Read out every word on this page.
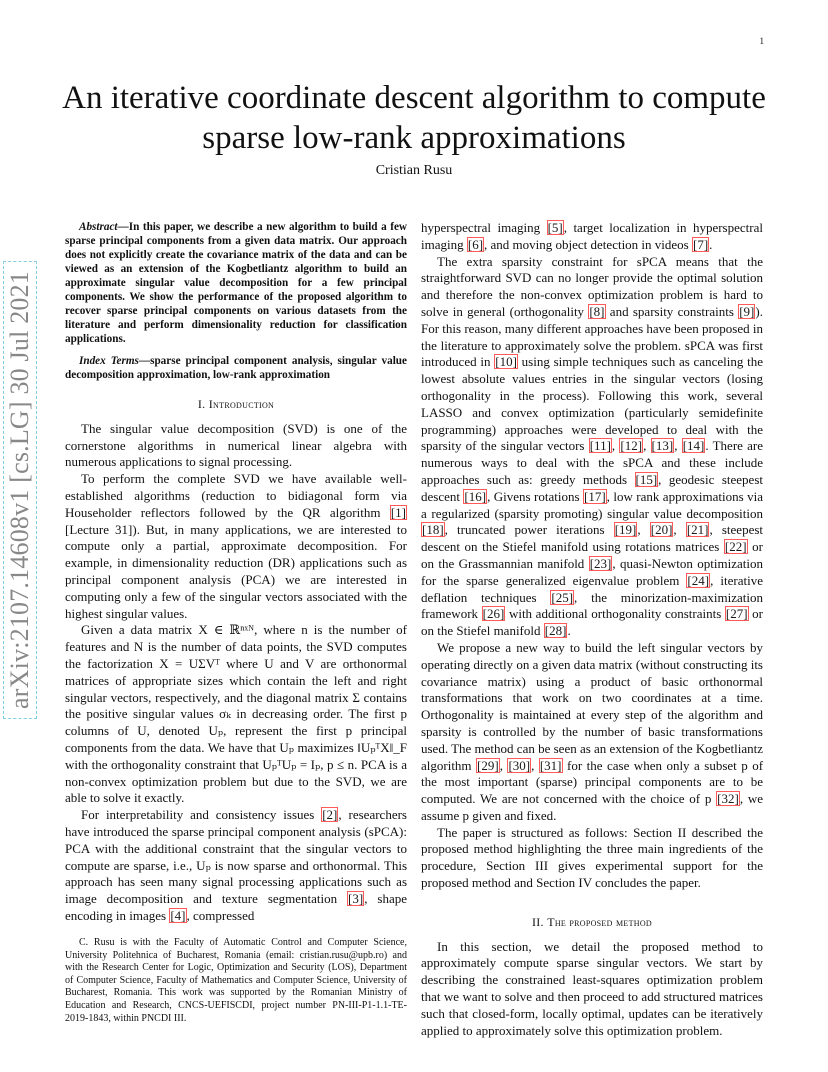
1
arXiv:2107.14608v1 [cs.LG] 30 Jul 2021
An iterative coordinate descent algorithm to compute sparse low-rank approximations
Cristian Rusu

Abstract—In this paper, we describe a new algorithm to build a few sparse principal components from a given data matrix. Our approach does not explicitly create the covariance matrix of the data and can be viewed as an extension of the Kogbetliantz algorithm to build an approximate singular value decomposition for a few principal components. We show the performance of the proposed algorithm to recover sparse principal components on various datasets from the literature and perform dimensionality reduction for classification applications.

Index Terms—sparse principal component analysis, singular value decomposition approximation, low-rank approximation

I. Introduction

The singular value decomposition (SVD) is one of the cornerstone algorithms in numerical linear algebra with numerous applications to signal processing.

To perform the complete SVD we have available well-established algorithms (reduction to bidiagonal form via Householder reflectors followed by the QR algorithm [1][Lecture 31]). But, in many applications, we are interested to compute only a partial, approximate decomposition. For example, in dimensionality reduction (DR) applications such as principal component analysis (PCA) we are interested in computing only a few of the singular vectors associated with the highest singular values.

Given a data matrix X ∈ ℝⁿˣᴺ, where n is the number of features and N is the number of data points, the SVD computes the factorization X = UΣVᵀ where U and V are orthonormal matrices of appropriate sizes which contain the left and right singular vectors, respectively, and the diagonal matrix Σ contains the positive singular values σₖ in decreasing order. The first p columns of U, denoted Uₚ, represent the first p principal components from the data. We have that Uₚ maximizes ‖UₚᵀX‖_F with the orthogonality constraint that UₚᵀUₚ = Iₚ, p ≤ n. PCA is a non-convex optimization problem but due to the SVD, we are able to solve it exactly.

For interpretability and consistency issues [2], researchers have introduced the sparse principal component analysis (sPCA): PCA with the additional constraint that the singular vectors to compute are sparse, i.e., Uₚ is now sparse and orthonormal. This approach has seen many signal processing applications such as image decomposition and texture segmentation [3], shape encoding in images [4], compressed

C. Rusu is with the Faculty of Automatic Control and Computer Science, University Politehnica of Bucharest, Romania (email: cristian.rusu@upb.ro) and with the Research Center for Logic, Optimization and Security (LOS), Department of Computer Science, Faculty of Mathematics and Computer Science, University of Bucharest, Romania. This work was supported by the Romanian Ministry of Education and Research, CNCS-UEFISCDI, project number PN-III-P1-1.1-TE-2019-1843, within PNCDI III.

hyperspectral imaging [5], target localization in hyperspectral imaging [6], and moving object detection in videos [7].

The extra sparsity constraint for sPCA means that the straightforward SVD can no longer provide the optimal solution and therefore the non-convex optimization problem is hard to solve in general (orthogonality [8] and sparsity constraints [9]). For this reason, many different approaches have been proposed in the literature to approximately solve the problem. sPCA was first introduced in [10] using simple techniques such as canceling the lowest absolute values entries in the singular vectors (losing orthogonality in the process). Following this work, several LASSO and convex optimization (particularly semidefinite programming) approaches were developed to deal with the sparsity of the singular vectors [11], [12], [13], [14]. There are numerous ways to deal with the sPCA and these include approaches such as: greedy methods [15], geodesic steepest descent [16], Givens rotations [17], low rank approximations via a regularized (sparsity promoting) singular value decomposition [18], truncated power iterations [19], [20], [21], steepest descent on the Stiefel manifold using rotations matrices [22] or on the Grassmannian manifold [23], quasi-Newton optimization for the sparse generalized eigenvalue problem [24], iterative deflation techniques [25], the minorization-maximization framework [26] with additional orthogonality constraints [27] or on the Stiefel manifold [28].

We propose a new way to build the left singular vectors by operating directly on a given data matrix (without constructing its covariance matrix) using a product of basic orthonormal transformations that work on two coordinates at a time. Orthogonality is maintained at every step of the algorithm and sparsity is controlled by the number of basic transformations used. The method can be seen as an extension of the Kogbetliantz algorithm [29], [30], [31] for the case when only a subset p of the most important (sparse) principal components are to be computed. We are not concerned with the choice of p [32], we assume p given and fixed.

The paper is structured as follows: Section II described the proposed method highlighting the three main ingredients of the procedure, Section III gives experimental support for the proposed method and Section IV concludes the paper.

II. The proposed method

In this section, we detail the proposed method to approximately compute sparse singular vectors. We start by describing the constrained least-squares optimization problem that we want to solve and then proceed to add structured matrices such that closed-form, locally optimal, updates can be iteratively applied to approximately solve this optimization problem.
